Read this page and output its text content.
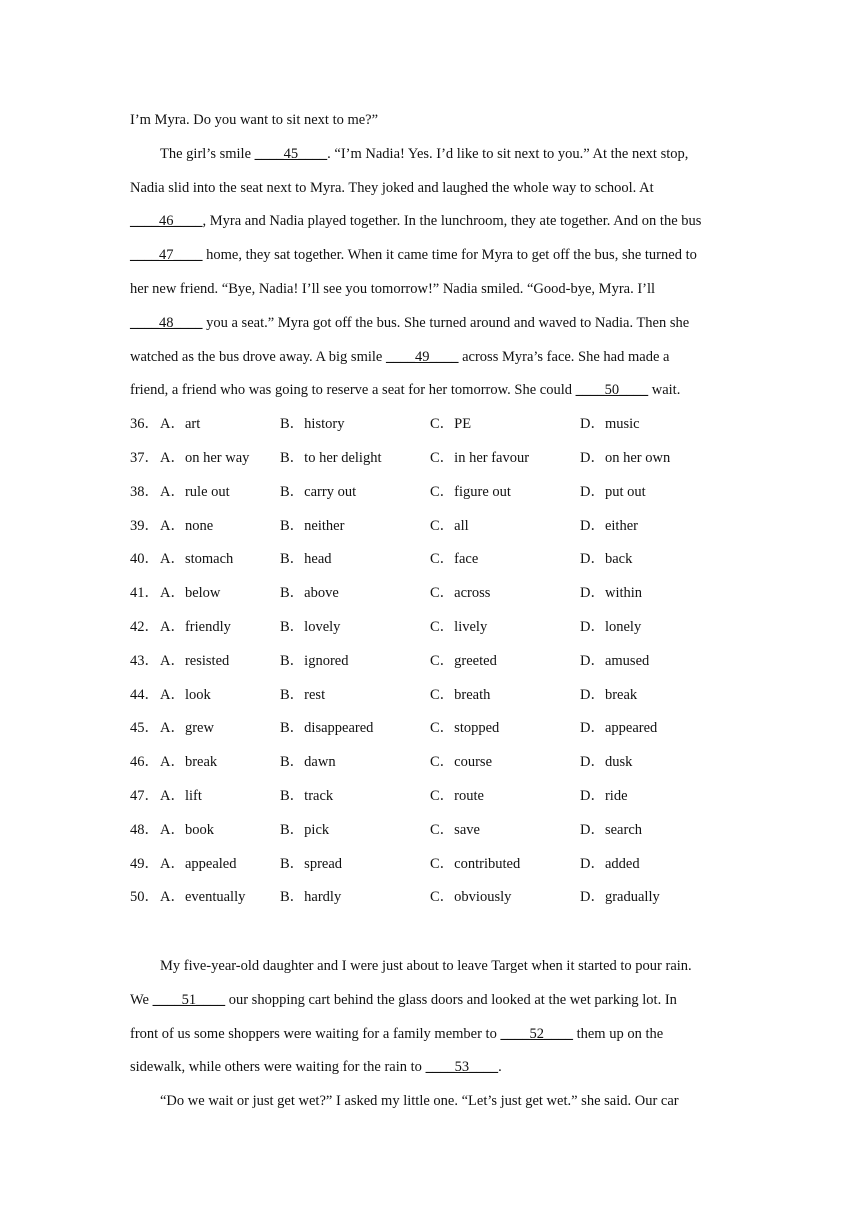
I’m Myra. Do you want to sit next to me?”
The girl’s smile ____45____. “I’m Nadia! Yes. I’d like to sit next to you.” At the next stop,
Nadia slid into the seat next to Myra. They joked and laughed the whole way to school. At
____46____, Myra and Nadia played together. In the lunchroom, they ate together. And on the bus
____47____ home, they sat together. When it came time for Myra to get off the bus, she turned to
her new friend. “Bye, Nadia! I’ll see you tomorrow!” Nadia smiled. “Good-bye, Myra. I’ll
____48____ you a seat.” Myra got off the bus. She turned around and waved to Nadia. Then she
watched as the bus drove away. A big smile ____49____ across Myra’s face. She had made a
friend, a friend who was going to reserve a seat for her tomorrow. She could ____50____ wait.
36． A．art	B．history	C．PE	D．music
37． A．on her way B．to her delight	C．in her favour	D．on her own
38． A．rule out	B．carry out	C．figure out	D．put out
39． A．none	B．neither	C．all	D．either
40． A．stomach	B．head	C．face	D．back
41． A．below	B．above	C．across	D．within
42． A．friendly	B．lovely	C．lively	D．lonely
43． A．resisted	B．ignored	C．greeted	D．amused
44． A．look	B．rest	C．breath	D．break
45． A．grew	B．disappeared	C．stopped	D．appeared
46． A．break	B．dawn	C．course	D．dusk
47． A．lift	B．track	C．route	D．ride
48． A．book	B．pick	C．save	D．search
49． A．appealed	B．spread	C．contributed	D．added
50． A．eventually B．hardly	C．obviously	D．gradually
My five-year-old daughter and I were just about to leave Target when it started to pour rain.
We ____51____ our shopping cart behind the glass doors and looked at the wet parking lot. In
front of us some shoppers were waiting for a family member to ____52____ them up on the
sidewalk, while others were waiting for the rain to ____53____.
“Do we wait or just get wet?” I asked my little one. “Let’s just get wet.” she said. Our car
